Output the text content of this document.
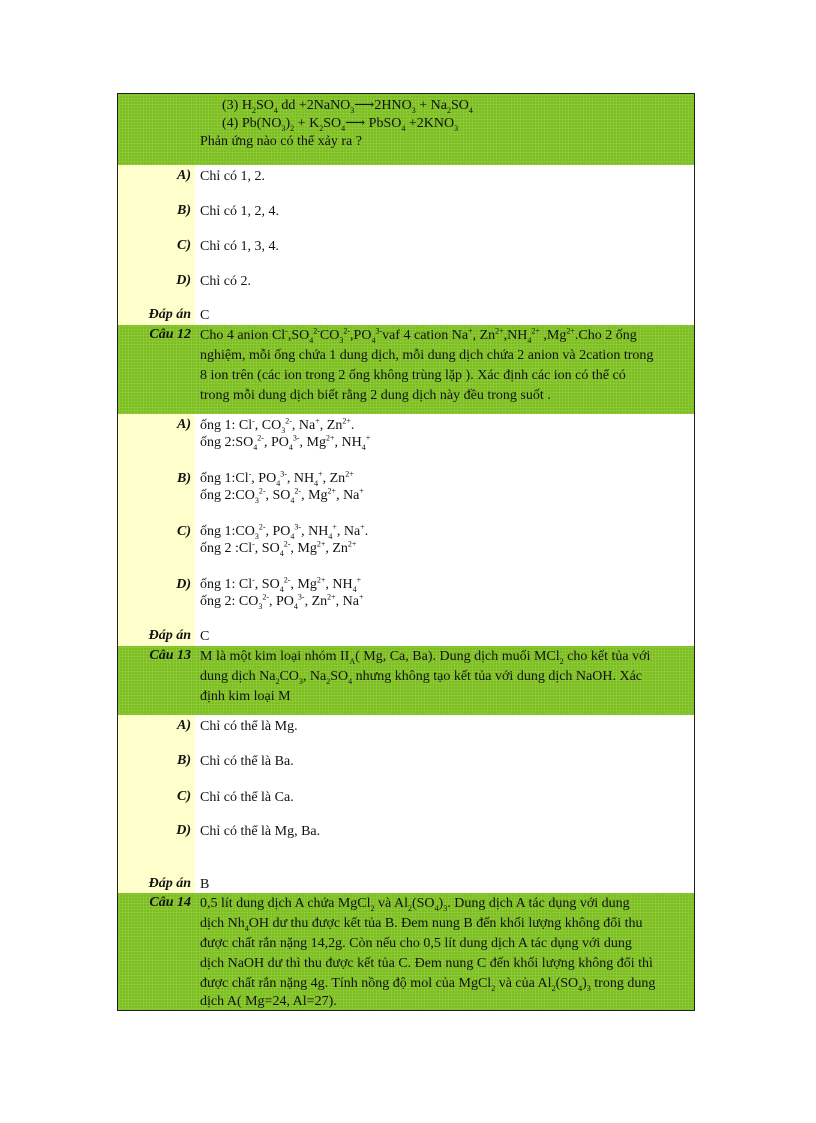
(3) $H_2SO_4$ dd $+2NaNO_3⟶2HNO_3 + Na_2SO_4$
(4) $Pb(NO_3)_2$ + $K_2SO_4⟶$ PbSO$_4$ $+2KNO_3$
Phản ứng nào có thể xảy ra ?
A)
B)
C)
D)
Đáp án
Chỉ có 1, 2.
Chỉ có 1, 2, 4.
Chỉ có 1, 3, 4.
Chỉ có 2.
C
Câu 12 Cho 4 anion $Cl^-,SO_4^{2-}CO_3^{2-},PO_4^{3-}vaf$ 4 cation Na+, $Zn^{2+},NH_4^{2+}$ $,Mg^{2+}.Cho$ 2 ống
nghiệm, mỗi ống chứa 1 dung dịch, mỗi dung dịch chứa 2 anion và 2cation trong
8 ion trên (các ion trong 2 ống không trùng lặp ). Xác định các ion có thể có
trong mỗi dung dịch biết rằng 2 dung dịch này đều trong suốt .
A)
B)
C)
D)
Đáp án
ống 1: Cl-, $CO_3^{2-}$, Na+, $Zn^{2+}$.
ống $2:SO_4^{2-}$, $PO_4^{3-}$, $Mg^{2+}$, $NH_4^+$
ống 1:Cl-, $PO_4^{3-}$, $NH_4^+$, $Zn^{2+}$
ống $2:CO_3^{2-}$, $SO_4^{2-}$, $Mg^{2+}$, Na+
ống $1:CO_3^{2-}$, $PO_4^{3-}$, $NH_4^+$, Na+.
ống 2 :Cl-, $SO_4^{2-}$, $Mg^{2+}$, $Zn^{2+}$
ống 1: Cl-, $SO_4^{2-}$, $Mg^{2+}$, $NH_4^+$
ống 2: $CO_3^{2-}$, $PO_4^{3-}$, $Zn^{2+}$, Na+
C
Câu 13 M là một kim loại nhóm $II_A$( Mg, Ca, Ba). Dung dịch muối MCl$_2$ cho kết tủa với
dung dịch $Na_2CO_3$, $Na_2SO_4$ nhưng không tạo kết tủa với dung dịch NaOH. Xác
định kim loại M
A)
B)
C)
D)
Đáp án
Chỉ có thể là Mg.
Chỉ có thể là Ba.
Chỉ có thể là Ca.
Chỉ có thể là Mg, Ba.
B
Câu 14 0,5 lít dung dịch A chứa MgCl$_2$ và $Al_2(SO_4)_3$. Dung dịch A tác dụng với dung
dịch $Nh_4OH$ dư thu được kết tủa B. Đem nung B đến khối lượng không đổi thu
được chất rắn nặng 14,2g. Còn nếu cho 0,5 lít dung dịch A tác dụng với dung
dịch NaOH dư thì thu được kết tủa C. Đem nung C đến khối lượng không đổi thì
được chất rắn nặng 4g. Tính nồng độ mol của MgCl$_2$ và của $Al_2(SO_4)_3$ trong dung
dịch A( Mg=24, Al=27).
